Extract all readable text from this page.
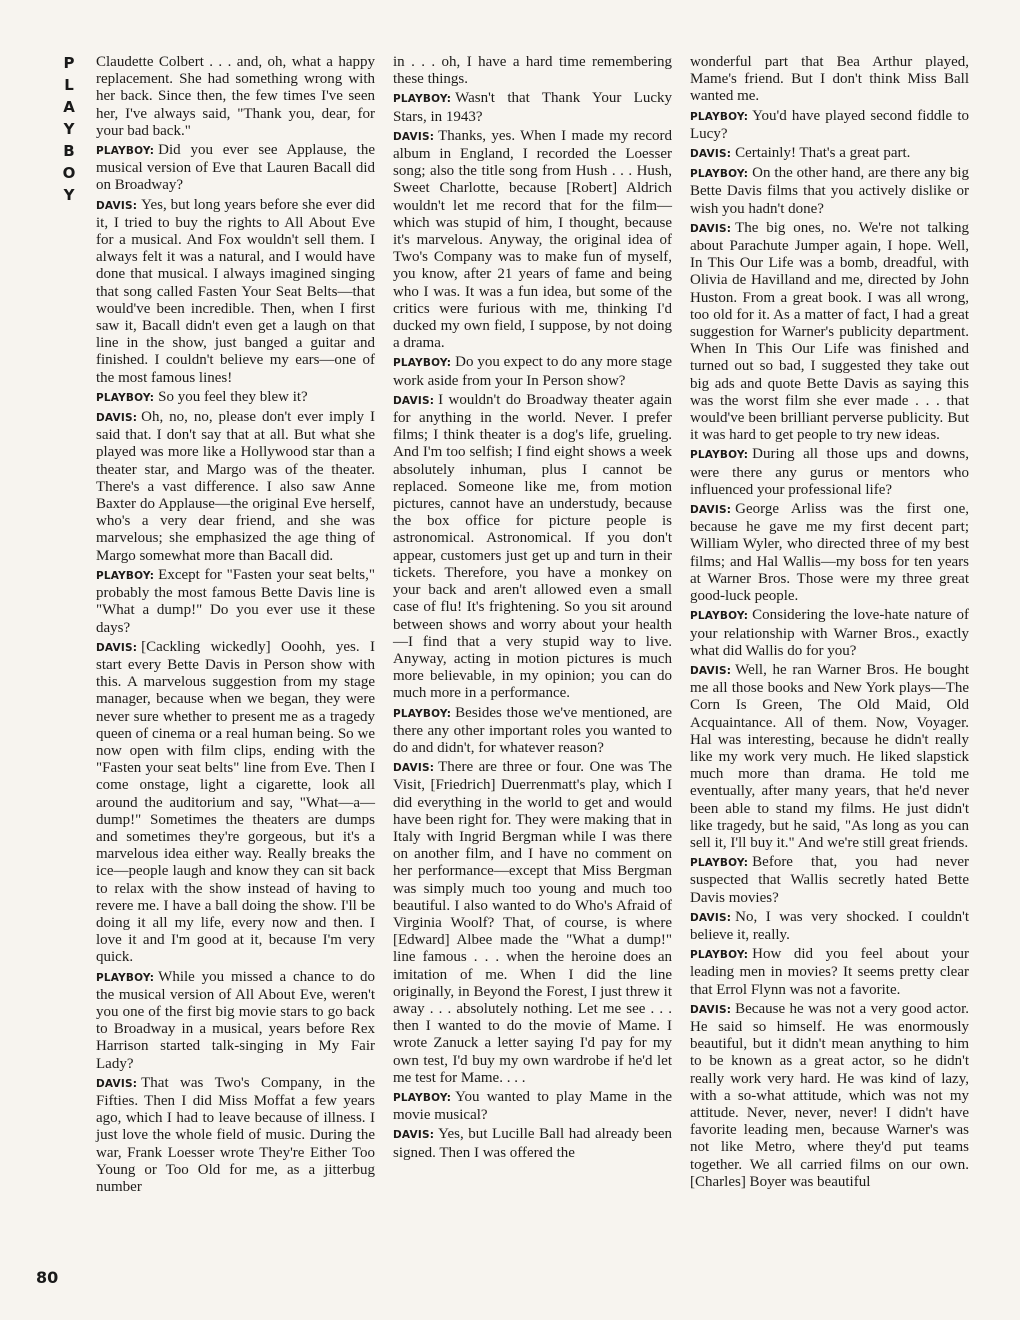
P
L
A
Y
B
O
Y

Claudette Colbert . . . and, oh, what a happy replacement. She had something wrong with her back. Since then, the few times I've seen her, I've always said, "Thank you, dear, for your bad back."

PLAYBOY: Did you ever see Applause, the musical version of Eve that Lauren Bacall did on Broadway?

DAVIS: Yes, but long years before she ever did it, I tried to buy the rights to All About Eve for a musical. And Fox wouldn't sell them. I always felt it was a natural, and I would have done that musical. I always imagined singing that song called Fasten Your Seat Belts—that would've been incredible. Then, when I first saw it, Bacall didn't even get a laugh on that line in the show, just banged a guitar and finished. I couldn't believe my ears—one of the most famous lines!

PLAYBOY: So you feel they blew it?

DAVIS: Oh, no, no, please don't ever imply I said that. I don't say that at all. But what she played was more like a Hollywood star than a theater star, and Margo was of the theater. There's a vast difference. I also saw Anne Baxter do Applause—the original Eve herself, who's a very dear friend, and she was marvelous; she emphasized the age thing of Margo somewhat more than Bacall did.

PLAYBOY: Except for "Fasten your seat belts," probably the most famous Bette Davis line is "What a dump!" Do you ever use it these days?

DAVIS: [Cackling wickedly] Ooohh, yes. I start every Bette Davis in Person show with this. A marvelous suggestion from my stage manager, because when we began, they were never sure whether to present me as a tragedy queen of cinema or a real human being. So we now open with film clips, ending with the "Fasten your seat belts" line from Eve. Then I come onstage, light a cigarette, look all around the auditorium and say, "What—a—dump!" Sometimes the theaters are dumps and sometimes they're gorgeous, but it's a marvelous idea either way. Really breaks the ice—people laugh and know they can sit back to relax with the show instead of having to revere me. I have a ball doing the show. I'll be doing it all my life, every now and then. I love it and I'm good at it, because I'm very quick.

PLAYBOY: While you missed a chance to do the musical version of All About Eve, weren't you one of the first big movie stars to go back to Broadway in a musical, years before Rex Harrison started talk-singing in My Fair Lady?

DAVIS: That was Two's Company, in the Fifties. Then I did Miss Moffat a few years ago, which I had to leave because of illness. I just love the whole field of music. During the war, Frank Loesser wrote They're Either Too Young or Too Old for me, as a jitterbug number

in . . . oh, I have a hard time remembering these things.

PLAYBOY: Wasn't that Thank Your Lucky Stars, in 1943?

DAVIS: Thanks, yes. When I made my record album in England, I recorded the Loesser song; also the title song from Hush . . . Hush, Sweet Charlotte, because [Robert] Aldrich wouldn't let me record that for the film—which was stupid of him, I thought, because it's marvelous. Anyway, the original idea of Two's Company was to make fun of myself, you know, after 21 years of fame and being who I was. It was a fun idea, but some of the critics were furious with me, thinking I'd ducked my own field, I suppose, by not doing a drama.

PLAYBOY: Do you expect to do any more stage work aside from your In Person show?

DAVIS: I wouldn't do Broadway theater again for anything in the world. Never. I prefer films; I think theater is a dog's life, grueling. And I'm too selfish; I find eight shows a week absolutely inhuman, plus I cannot be replaced. Someone like me, from motion pictures, cannot have an understudy, because the box office for picture people is astronomical. Astronomical. If you don't appear, customers just get up and turn in their tickets. Therefore, you have a monkey on your back and aren't allowed even a small case of flu! It's frightening. So you sit around between shows and worry about your health—I find that a very stupid way to live. Anyway, acting in motion pictures is much more believable, in my opinion; you can do much more in a performance.

PLAYBOY: Besides those we've mentioned, are there any other important roles you wanted to do and didn't, for whatever reason?

DAVIS: There are three or four. One was The Visit, [Friedrich] Duerrenmatt's play, which I did everything in the world to get and would have been right for. They were making that in Italy with Ingrid Bergman while I was there on another film, and I have no comment on her performance—except that Miss Bergman was simply much too young and much too beautiful. I also wanted to do Who's Afraid of Virginia Woolf? That, of course, is where [Edward] Albee made the "What a dump!" line famous . . . when the heroine does an imitation of me. When I did the line originally, in Beyond the Forest, I just threw it away . . . absolutely nothing. Let me see . . . then I wanted to do the movie of Mame. I wrote Zanuck a letter saying I'd pay for my own test, I'd buy my own wardrobe if he'd let me test for Mame. . . .

PLAYBOY: You wanted to play Mame in the movie musical?

DAVIS: Yes, but Lucille Ball had already been signed. Then I was offered the

wonderful part that Bea Arthur played, Mame's friend. But I don't think Miss Ball wanted me.

PLAYBOY: You'd have played second fiddle to Lucy?

DAVIS: Certainly! That's a great part.

PLAYBOY: On the other hand, are there any big Bette Davis films that you actively dislike or wish you hadn't done?

DAVIS: The big ones, no. We're not talking about Parachute Jumper again, I hope. Well, In This Our Life was a bomb, dreadful, with Olivia de Havilland and me, directed by John Huston. From a great book. I was all wrong, too old for it. As a matter of fact, I had a great suggestion for Warner's publicity department. When In This Our Life was finished and turned out so bad, I suggested they take out big ads and quote Bette Davis as saying this was the worst film she ever made . . . that would've been brilliant perverse publicity. But it was hard to get people to try new ideas.

PLAYBOY: During all those ups and downs, were there any gurus or mentors who influenced your professional life?

DAVIS: George Arliss was the first one, because he gave me my first decent part; William Wyler, who directed three of my best films; and Hal Wallis—my boss for ten years at Warner Bros. Those were my three great good-luck people.

PLAYBOY: Considering the love-hate nature of your relationship with Warner Bros., exactly what did Wallis do for you?

DAVIS: Well, he ran Warner Bros. He bought me all those books and New York plays—The Corn Is Green, The Old Maid, Old Acquaintance. All of them. Now, Voyager. Hal was interesting, because he didn't really like my work very much. He liked slapstick much more than drama. He told me eventually, after many years, that he'd never been able to stand my films. He just didn't like tragedy, but he said, "As long as you can sell it, I'll buy it." And we're still great friends.

PLAYBOY: Before that, you had never suspected that Wallis secretly hated Bette Davis movies?

DAVIS: No, I was very shocked. I couldn't believe it, really.

PLAYBOY: How did you feel about your leading men in movies? It seems pretty clear that Errol Flynn was not a favorite.

DAVIS: Because he was not a very good actor. He said so himself. He was enormously beautiful, but it didn't mean anything to him to be known as a great actor, so he didn't really work very hard. He was kind of lazy, with a so-what attitude, which was not my attitude. Never, never, never! I didn't have favorite leading men, because Warner's was not like Metro, where they'd put teams together. We all carried films on our own. [Charles] Boyer was beautiful

80
